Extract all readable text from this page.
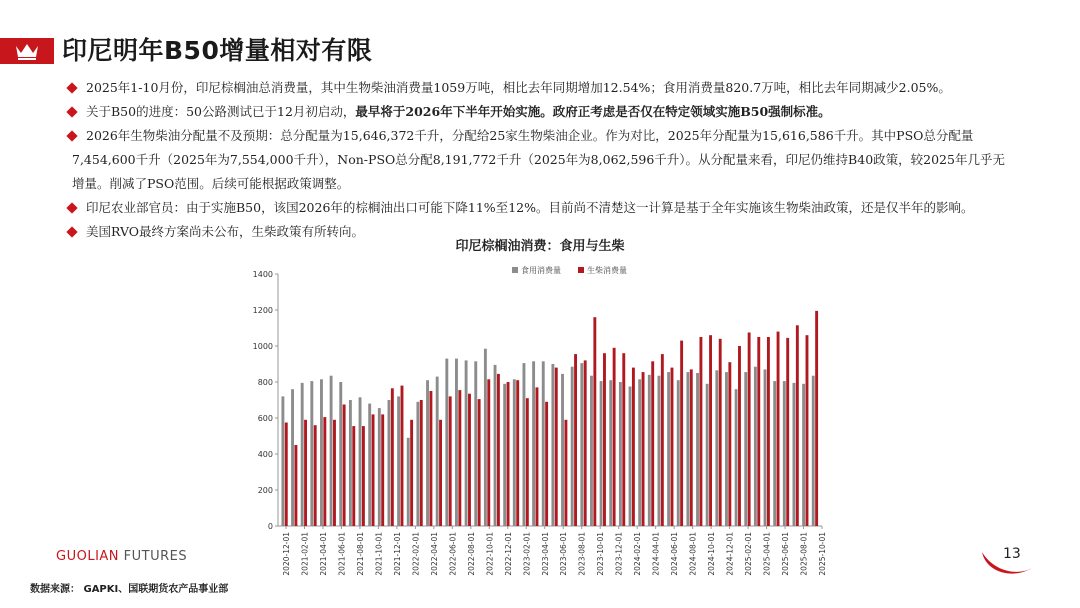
印尼明年B50增量相对有限
2025年1-10月份，印尼棕榈油总消费量，其中生物柴油消费量1059万吨，相比去年同期增加12.54%；食用消费量820.7万吨，相比去年同期减少2.05%。
关于B50的进度：50公路测试已于12月初启动，最早将于2026年下半年开始实施。政府正考虑是否仅在特定领域实施B50强制标准。
2026年生物柴油分配量不及预期：总分配量为15,646,372千升，分配给25家生物柴油企业。作为对比，2025年分配量为15,616,586千升。其中PSO总分配量
7,454,600千升（2025年为7,554,000千升），Non-PSO总分配8,191,772千升（2025年为8,062,596千升）。从分配量来看，印尼仍维持B40政策，较2025年几乎无
增量。削减了PSO范围。后续可能根据政策调整。
印尼农业部官员：由于实施B50，该国2026年的棕榈油出口可能下降11%至12%。目前尚不清楚这一计算是基于全年实施该生物柴油政策，还是仅半年的影响。
美国RVO最终方案尚未公布，生柴政策有所转向。
印尼棕榈油消费：食用与生柴
0
200
400
600
800
1000
1200
1400
2020-12-01 2021-02-01 2021-04-01 2021-06-01 2021-08-01 2021-10-01 2021-12-01 2022-02-01 2022-04-01 2022-06-01 2022-08-01 2022-10-01 2022-12-01 2023-02-01 2023-04-01 2023-06-01 2023-08-01 2023-10-01 2023-12-01 2024-02-01 2024-04-01 2024-06-01 2024-08-01 2024-10-01 2024-12-01 2025-02-01 2025-04-01 2025-06-01 2025-08-01 2025-10-01
食用消费量	生柴消费量
GUOLIAN FUTURES	13
数据来源： GAPKI、国联期货农产品事业部
